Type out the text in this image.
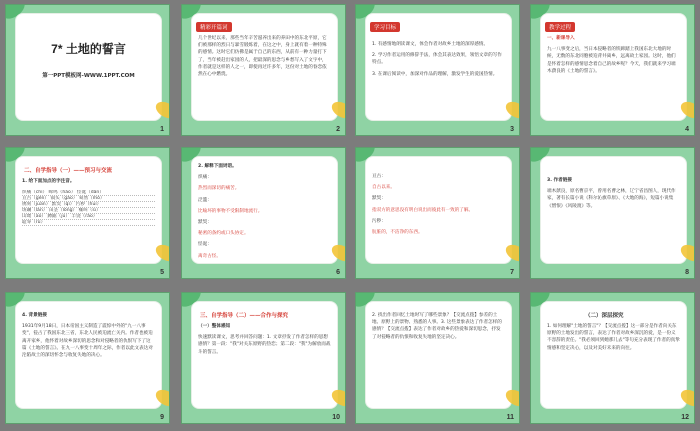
7* 土地的誓言
第一PPT模板网-WWW.1PPT.COM
1
精彩开篇词
几个世纪以来，那些当年辛苦滋养出来的养田中的东北平原，它们被那样的烈日与暴雪锻炼着，在这之中，身上就有着一种特殊的感情。这时它们仿佛是属于自己的东西，从前有一种力量打下了，当年被赶出家园的人，把最深的思念与乡愁写入了文字中，作者就是这样的人之一，即使再过许多年，这份对土地的眷恋依然在心中燃烧。
2
学习目标
1. 有感情地朗读课文，体会作者对故乡土地的深厚感情。
2. 学习作者运用的修辞手法，体会其表达效果，领悟文章的写作特点。
3. 在课后阅读中，加深对作品的理解，激发学生的爱国热情。
3
教学过程
一、新课导入
九一八事变之后，当日本侵略者的铁蹄踏上我国东北大地的时候，无数的东北同胞被迫背井离乡，远离故土家园。这时，他们是怀着怎样的感情思念着自己的故乡呢？今天，我们就来学习端木蕻良的《土地的誓言》。
4
二、自学指导（一）——预习与交流
1. 给下面加点的字注音。
炽痛（chì） 嗥鸣（háo） 怪诞（dàn）
亘古（gèn） 镐头（gǎo） 蓦然（mò）
镌刻（juān） 默契（qì） 污秽（huì）
斑斓（lán） 田垄（lǒng） 嘶叫（sī）
山坳（āo） 蹲踞（jù） 丰饶（ráo）
耻辱（rǔ）
5
2. 解释下面词语。
炽痛：
热烈而深切的痛苦。
泛滥：
比喻坏的事物不受限制地流行。
默契：
秘密的条约或口头协定。
怪诞：
离奇古怪。
6
亘古：
自古以来。
默契：
指双方的意思没有明白说出而彼此有一致的了解。
污秽：
肮脏的，不洁净的东西。
7
3. 作者链接
端木蕻良，原名曹京平，曾用名曹之林，辽宁省昌图人，现代作家，著有长篇小说《科尔沁旗草原》、《大地的海》，短篇小说集《憎恨》《风陵渡》等。
8
4. 背景链接
1931年9月18日，日本帝国主义制造了震惊中外的"九一八事变"，侵占了我国东北三省，东北人民被迫流亡关内。作者也被迫离开家乡，他怀着对故乡深切的思念和对侵略者的仇恨写下了这篇《土地的誓言》。在九一八事变十周年之际，作者以此文表达对沦陷故土的深切怀念与收复失地的决心。
9
三、自学指导（二）——合作与探究
（一）整体感知
快速默读课文，思考并回答问题：1. 文章抒发了作者怎样的思想感情？第一段："我"对关东原野的热恋；第二段："我"为解放而战斗的誓言。
10
2. 找出作者回忆土地时写了哪些景象？【交流点拨】参差的土地、原野上的景物、熟悉的人事。3. 这些景象表达了作者怎样的感情？【交流点拨】表达了作者对故乡的热爱和深切思念，抒发了对侵略者的仇恨和收复失地的坚定决心。
11
（二）深层探究
1. 如何理解"土地的誓言"？【交流点拨】这一部分是作者向关东原野的土地发出的誓言，表达了作者对故乡深沉的爱，是一份义不容辞的责任。"我必须回到她那儿去"等句充分表现了作者的真挚情感和坚定决心，以及对美好未来的向往。
12
